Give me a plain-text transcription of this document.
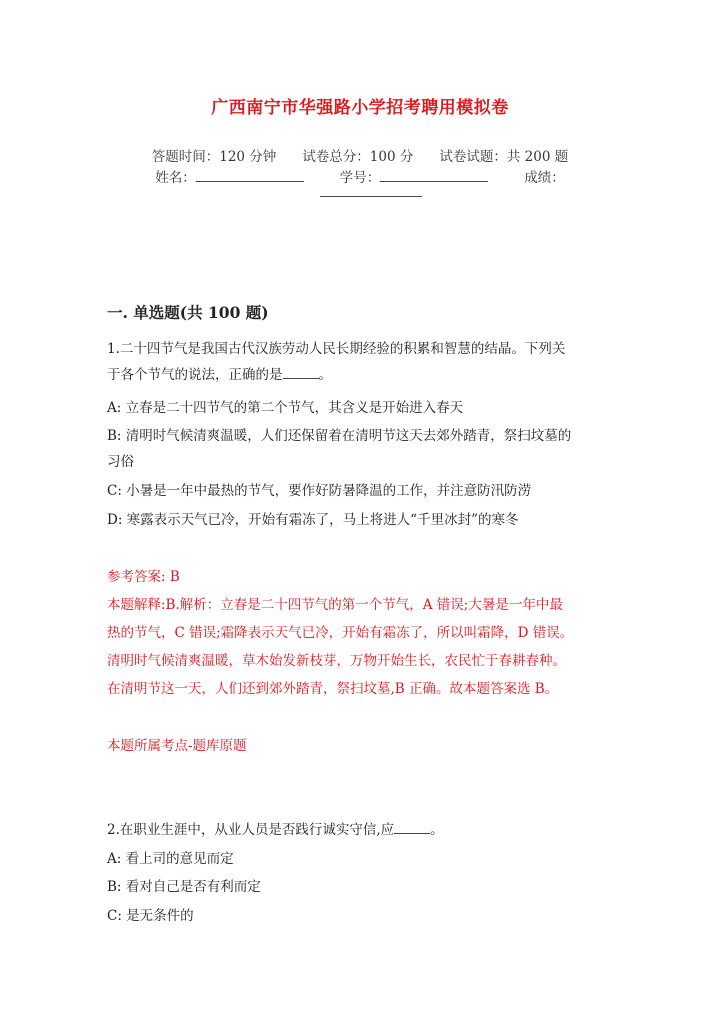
广西南宁市华强路小学招考聘用模拟卷
答题时间：120 分钟 试卷总分：100 分 试卷试题：共 200 题
姓名：	学号：	成绩：
一. 单选题(共 100 题)
1.二十四节气是我国古代汉族劳动人民长期经验的积累和智慧的结晶。下列关
于各个节气的说法，正确的是	。
A: 立春是二十四节气的第二个节气，其含义是开始进入春天
B: 清明时气候清爽温暖，人们还保留着在清明节这天去郊外踏青，祭扫坟墓的
习俗
C: 小暑是一年中最热的节气，要作好防暑降温的工作，并注意防汛防涝
D: 寒露表示天气已冷，开始有霜冻了，马上将进人“千里冰封”的寒冬
参考答案: B
本题解释:B.解析：立春是二十四节气的第一个节气，A 错误;大暑是一年中最
热的节气，C 错误;霜降表示天气已冷，开始有霜冻了，所以叫霜降，D 错误。
清明时气候清爽温暖，草木始发新枝芽，万物开始生长，农民忙于春耕春种。
在清明节这一天，人们还到郊外踏青，祭扫坟墓,B 正确。故本题答案选 B。
本题所属考点-题库原题
2.在职业生涯中，从业人员是否践行诚实守信,应	。
A: 看上司的意见而定
B: 看对自己是否有利而定
C: 是无条件的
